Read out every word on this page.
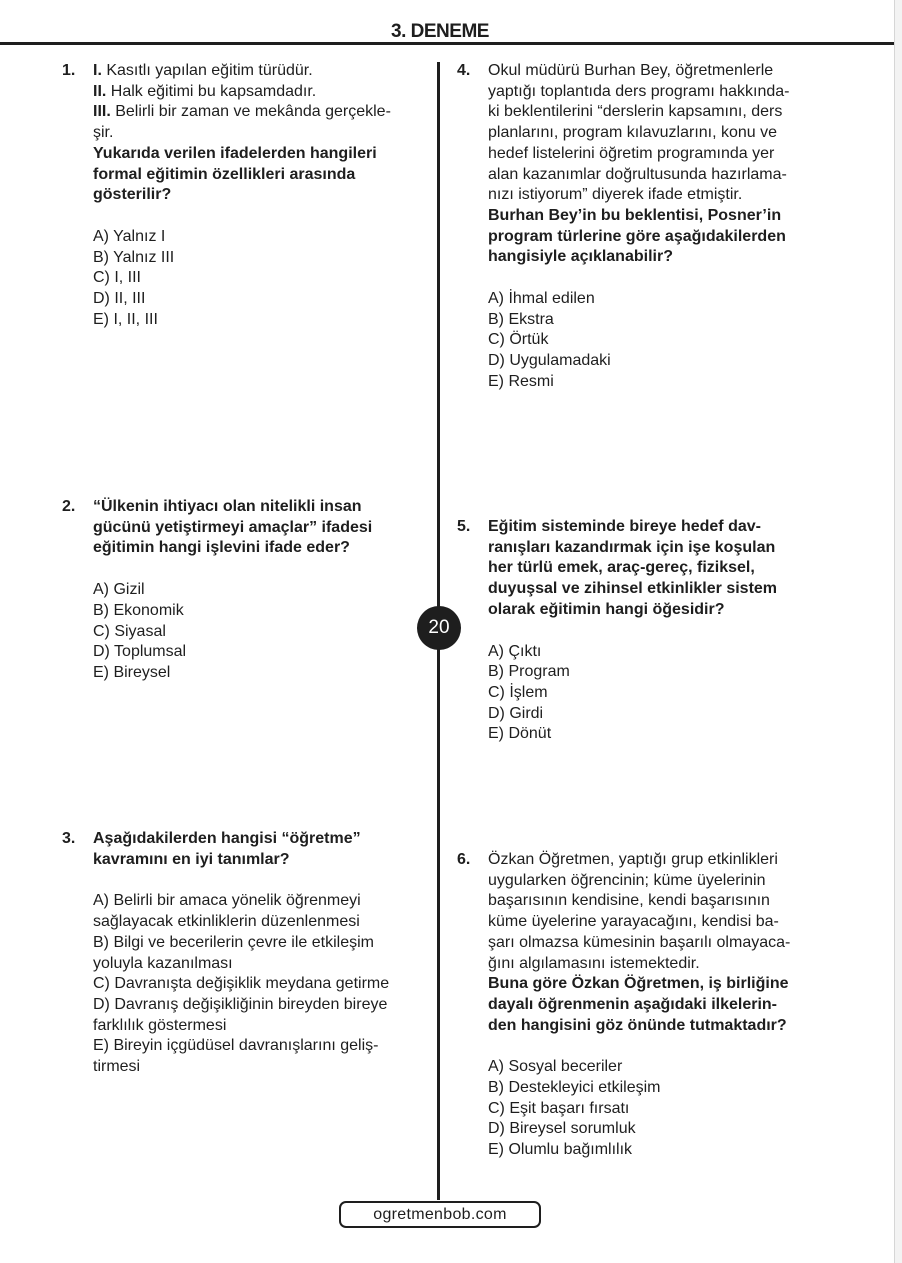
3. DENEME
20
1. I. Kasıtlı yapılan eğitim türüdür.
II. Halk eğitimi bu kapsamdadır.
III. Belirli bir zaman ve mekânda gerçekle-
şir.
Yukarıda verilen ifadelerden hangileri
formal eğitimin özellikleri arasında
gösterilir?
A) Yalnız I
B) Yalnız III
C) I, III
D) II, III
E) I, II, III
2. “Ülkenin ihtiyacı olan nitelikli insan
gücünü yetiştirmeyi amaçlar” ifadesi
eğitimin hangi işlevini ifade eder?
A) Gizil
B) Ekonomik
C) Siyasal
D) Toplumsal
E) Bireysel
3. Aşağıdakilerden hangisi “öğretme”
kavramını en iyi tanımlar?
A) Belirli bir amaca yönelik öğrenmeyi
sağlayacak etkinliklerin düzenlenmesi
B) Bilgi ve becerilerin çevre ile etkileşim
yoluyla kazanılması
C) Davranışta değişiklik meydana getirme
D) Davranış değişikliğinin bireyden bireye
farklılık göstermesi
E) Bireyin içgüdüsel davranışlarını geliş-
tirmesi
4. Okul müdürü Burhan Bey, öğretmenlerle
yaptığı toplantıda ders programı hakkında-
ki beklentilerini “derslerin kapsamını, ders
planlarını, program kılavuzlarını, konu ve
hedef listelerini öğretim programında yer
alan kazanımlar doğrultusunda hazırlama-
nızı istiyorum” diyerek ifade etmiştir.
Burhan Bey’in bu beklentisi, Posner’in
program türlerine göre aşağıdakilerden
hangisiyle açıklanabilir?
A) İhmal edilen
B) Ekstra
C) Örtük
D) Uygulamadaki
E) Resmi
5. Eğitim sisteminde bireye hedef dav-
ranışları kazandırmak için işe koşulan
her türlü emek, araç-gereç, fiziksel,
duyuşsal ve zihinsel etkinlikler sistem
olarak eğitimin hangi öğesidir?
A) Çıktı
B) Program
C) İşlem
D) Girdi
E) Dönüt
6. Özkan Öğretmen, yaptığı grup etkinlikleri
uygularken öğrencinin; küme üyelerinin
başarısının kendisine, kendi başarısının
küme üyelerine yarayacağını, kendisi ba-
şarı olmazsa kümesinin başarılı olmayaca-
ğını algılamasını istemektedir.
Buna göre Özkan Öğretmen, iş birliğine
dayalı öğrenmenin aşağıdaki ilkelerin-
den hangisini göz önünde tutmaktadır?
A) Sosyal beceriler
B) Destekleyici etkileşim
C) Eşit başarı fırsatı
D) Bireysel sorumluk
E) Olumlu bağımlılık
ogretmenbob.com
